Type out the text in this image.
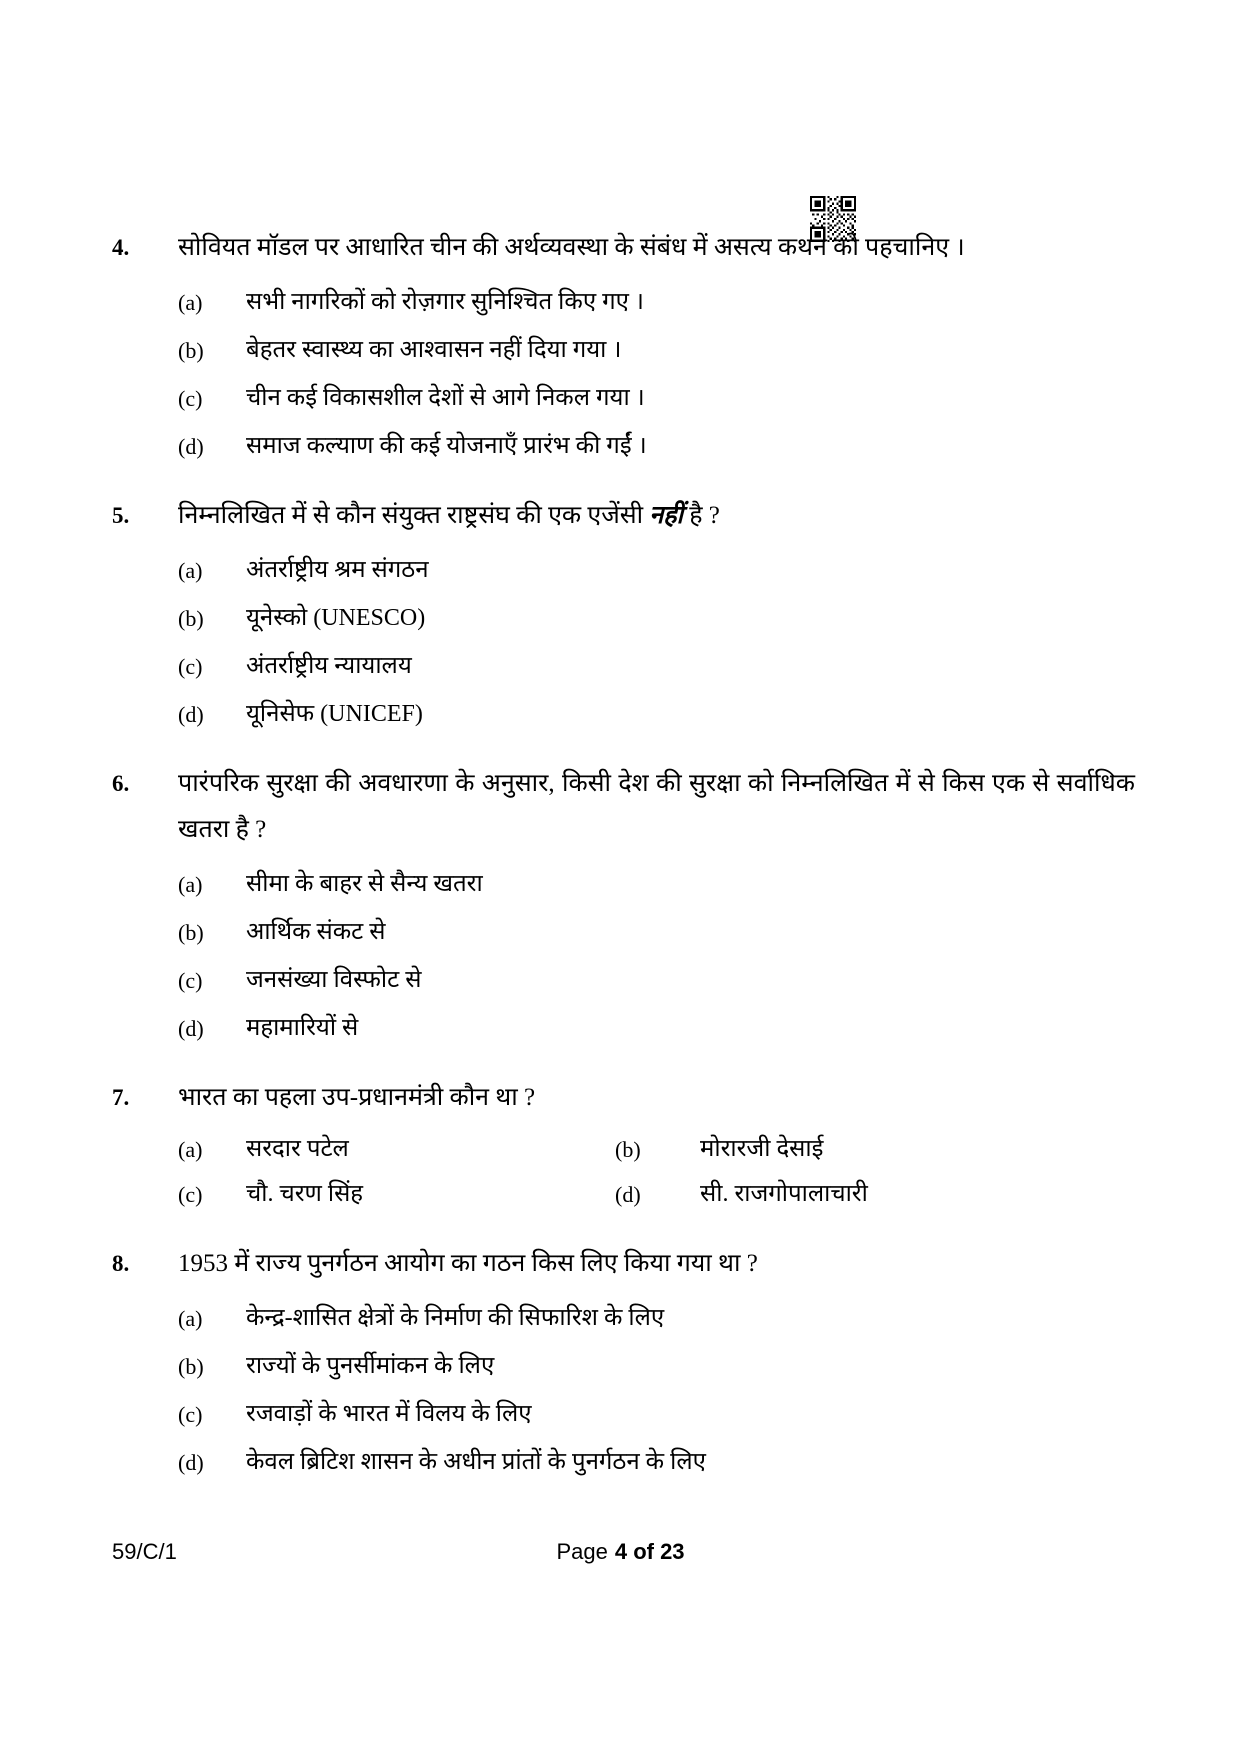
4.	सोवियत मॉडल पर आधारित चीन की अर्थव्यवस्था के संबंध में असत्य कथन को पहचानिए ।

(a)	सभी नागरिकों को रोज़गार सुनिश्चित किए गए ।
(b)	बेहतर स्वास्थ्य का आश्वासन नहीं दिया गया ।
(c)	चीन कई विकासशील देशों से आगे निकल गया ।
(d)	समाज कल्याण की कई योजनाएँ प्रारंभ की गईं ।
5.	निम्नलिखित में से कौन संयुक्त राष्ट्रसंघ की एक एजेंसी नहीं है ?

(a)	अंतर्राष्ट्रीय श्रम संगठन
(b)	यूनेस्को (UNESCO)
(c)	अंतर्राष्ट्रीय न्यायालय
(d)	यूनिसेफ (UNICEF)
6.	पारंपरिक सुरक्षा की अवधारणा के अनुसार, किसी देश की सुरक्षा को निम्नलिखित में से किस एक से सर्वाधिक खतरा है ?

(a)	सीमा के बाहर से सैन्य खतरा
(b)	आर्थिक संकट से
(c)	जनसंख्या विस्फोट से
(d)	महामारियों से
7.	भारत का पहला उप-प्रधानमंत्री कौन था ?

(a)	सरदार पटेल	(b)	मोरारजी देसाई
(c)	चौ. चरण सिंह	(d)	सी. राजगोपालाचारी
8.	1953 में राज्य पुनर्गठन आयोग का गठन किस लिए किया गया था ?

(a)	केन्द्र-शासित क्षेत्रों के निर्माण की सिफारिश के लिए
(b)	राज्यों के पुनर्सीमांकन के लिए
(c)	रजवाड़ों के भारत में विलय के लिए
(d)	केवल ब्रिटिश शासन के अधीन प्रांतों के पुनर्गठन के लिए
59/C/1	Page 4 of 23
